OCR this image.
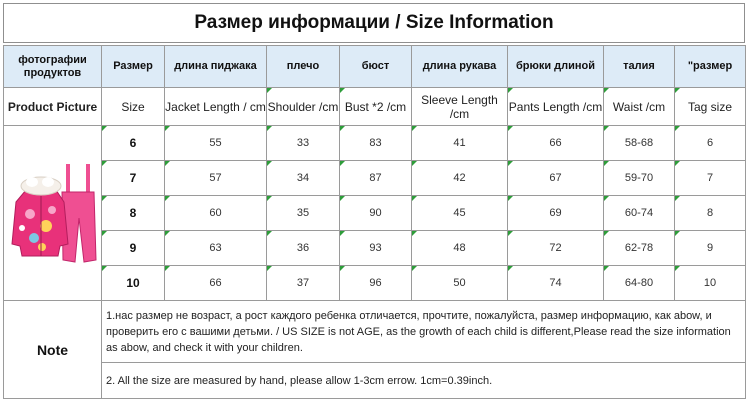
Размер информации / Size Information
фотографии продуктов	Размер	длина пиджака	плечо	бюст	длина рукава	брюки длиной	талия	"размер
Product Picture	Size	Jacket Length / cm	Shoulder /cm	Bust *2 /cm	Sleeve Length /cm	Pants Length /cm	Waist /cm	Tag size
	6	55	33	83	41	66	58-68	6
	7	57	34	87	42	67	59-70	7
	8	60	35	90	45	69	60-74	8
	9	63	36	93	48	72	62-78	9
	10	66	37	96	50	74	64-80	10
Note	1.нас размер не возраст, а рост каждого ребенка отличается, прочтите, пожалуйста, размер информацию, как abow, и проверить его с вашими детьми. / US SIZE is not AGE, as the growth of each child is different,Please read the size information as abow, and check it with your children.
2. All the size are measured by hand, please allow 1-3cm errow. 1cm=0.39inch.
